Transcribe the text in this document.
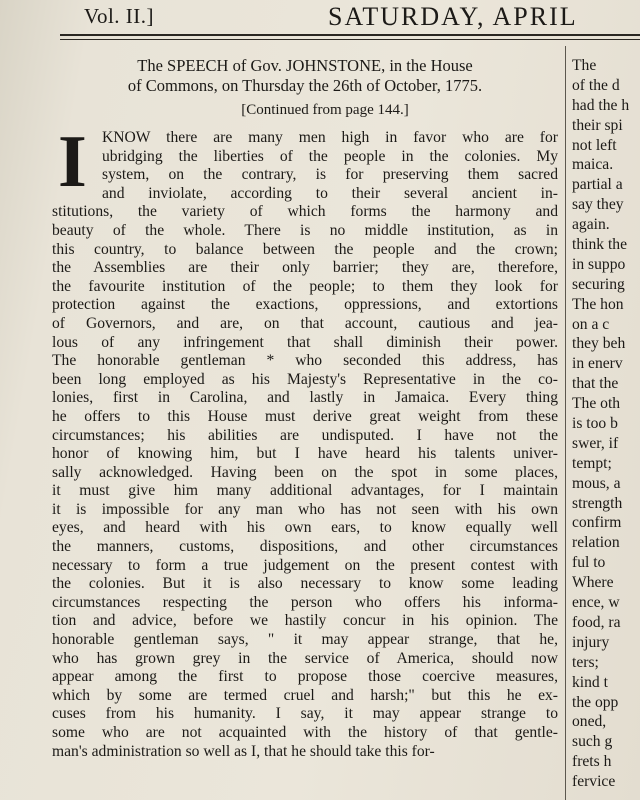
Vol. II.]	SATURDAY, APRIL
The SPEECH of Gov. JOHNSTONE, in the House
of Commons, on Thursday the 26th of October, 1775.
[Continued from page 144.]
I KNOW there are many men high in favor who are for
ubridging the liberties of the people in the colonies. My
system, on the contrary, is for preserving them sacred
and inviolate, according to their several ancient in-
stitutions, the variety of which forms the harmony and
beauty of the whole. There is no middle institution, as in
this country, to balance between the people and the crown;
the Assemblies are their only barrier; they are, therefore,
the favourite institution of the people; to them they look for
protection against the exactions, oppressions, and extortions
of Governors, and are, on that account, cautious and jea-
lous of any infringement that shall diminish their power.
The honorable gentleman * who seconded this address, has
been long employed as his Majesty's Representative in the co-
lonies, first in Carolina, and lastly in Jamaica. Every thing
he offers to this House must derive great weight from these
circumstances; his abilities are undisputed. I have not the
honor of knowing him, but I have heard his talents univer-
sally acknowledged. Having been on the spot in some places,
it must give him many additional advantages, for I maintain
it is impossible for any man who has not seen with his own
eyes, and heard with his own ears, to know equally well
the manners, customs, dispositions, and other circumstances
necessary to form a true judgement on the present contest with
the colonies. But it is also necessary to know some leading
circumstances respecting the person who offers his informa-
tion and advice, before we hastily concur in his opinion. The
honorable gentleman says, " it may appear strange, that he,
who has grown grey in the service of America, should now
appear among the first to propose those coercive measures,
which by some are termed cruel and harsh;" but this he ex-
cuses from his humanity. I say, it may appear strange to
some who are not acquainted with the history of that gentle-
man's administration so well as I, that he should take this for-
The
of the d
had the h
their spi
not left
maica.
partial a
say they
again.
think the
in suppo
securing
The hon
on a c
they beh
in enerv
that the
The oth
is too b
swer, if
tempt;
mous, a
strength
confirm
relation
ful to
Where
ence, w
food, ra
injury
ters;
kind t
the opp
oned,
such g
frets h
fervice
